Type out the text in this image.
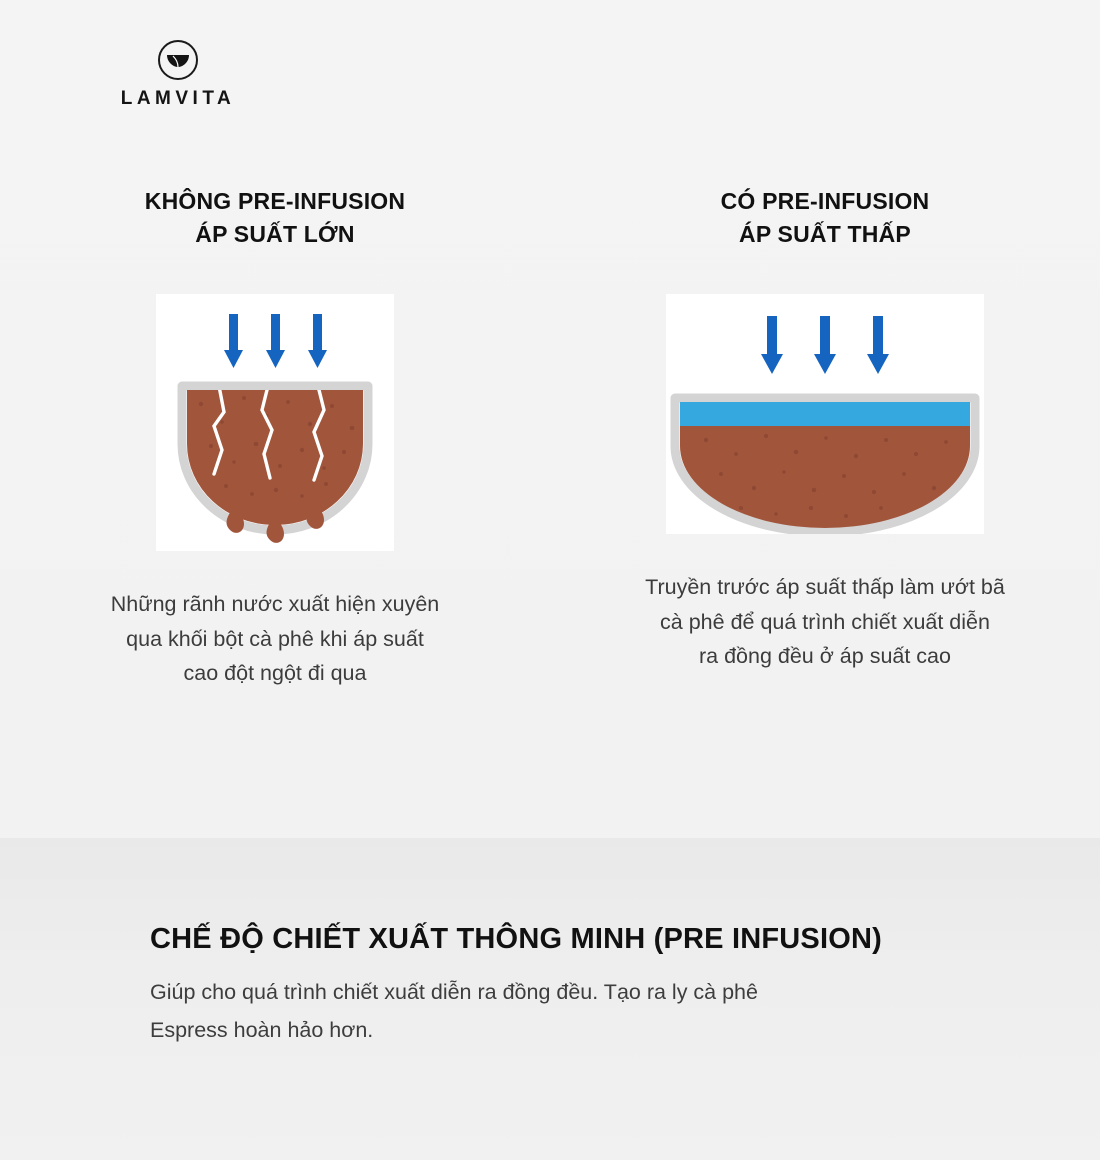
LAMVITA
KHÔNG PRE-INFUSION
ÁP SUẤT LỚN
Những rãnh nước xuất hiện xuyên
qua khối bột cà phê khi áp suất
cao đột ngột đi qua
CÓ PRE-INFUSION
ÁP SUẤT THẤP
Truyền trước áp suất thấp làm ướt bã
cà phê để quá trình chiết xuất diễn
ra đồng đều ở áp suất cao
CHẾ ĐỘ CHIẾT XUẤT THÔNG MINH (PRE INFUSION)
Giúp cho quá trình chiết xuất diễn ra đồng đều. Tạo ra ly cà phê
Espress hoàn hảo hơn.
